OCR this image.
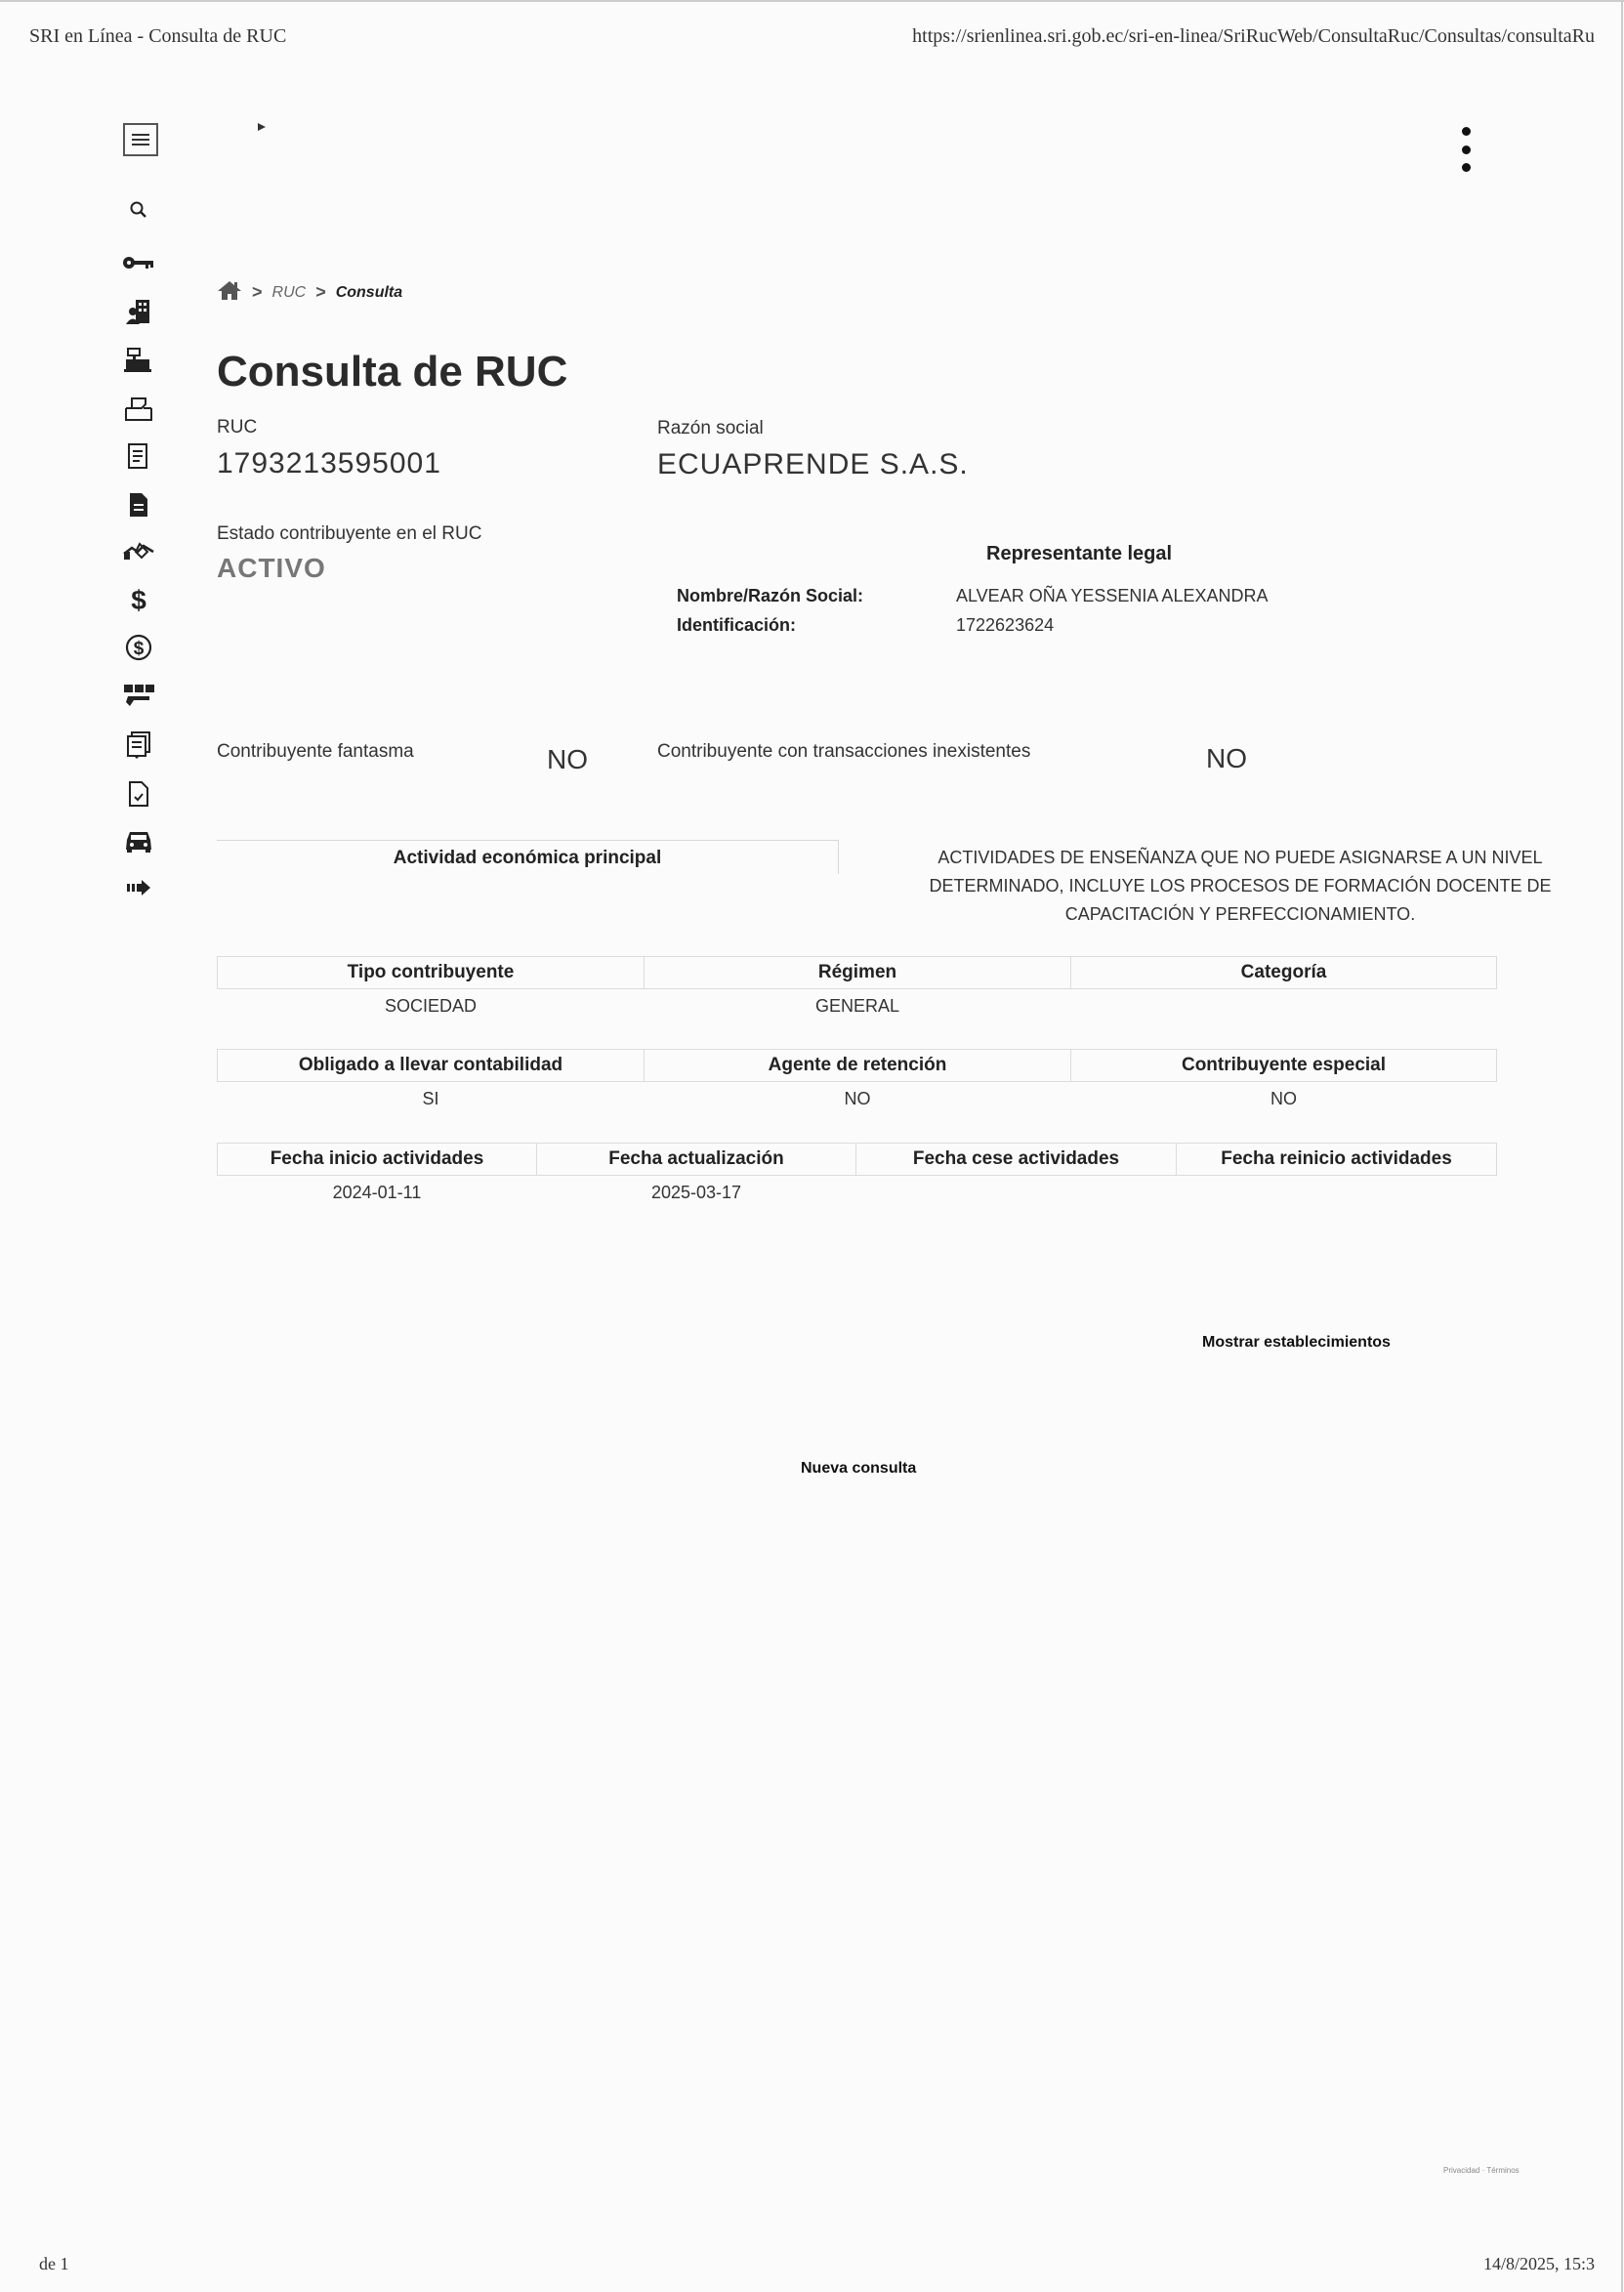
SRI en Línea - Consulta de RUC	https://srienlinea.sri.gob.ec/sri-en-linea/SriRucWeb/ConsultaRuc/Consultas/consultaRu
$
$
> RUC > Consulta
Consulta de RUC
RUC
1793213595001
Razón social
ECUAPRENDE S.A.S.
Estado contribuyente en el RUC
ACTIVO	Representante legal
Nombre/Razón Social:	ALVEAR OÑA YESSENIA ALEXANDRA
Identificación:	1722623624
Contribuyente fantasma	NO	Contribuyente con transacciones inexistentes	NO
Actividad económica principal	ACTIVIDADES DE ENSEÑANZA QUE NO PUEDE ASIGNARSE A UN NIVEL DETERMINADO, INCLUYE LOS PROCESOS DE FORMACIÓN DOCENTE DE CAPACITACIÓN Y PERFECCIONAMIENTO.
Tipo contribuyente	Régimen	Categoría
SOCIEDAD	GENERAL	
Obligado a llevar contabilidad	Agente de retención	Contribuyente especial
SI	NO	NO
Fecha inicio actividades	Fecha actualización	Fecha cese actividades	Fecha reinicio actividades
2024-01-11	2025-03-17		
Mostrar establecimientos
Nueva consulta
Privacidad · Términos
de 1	14/8/2025, 15:3
